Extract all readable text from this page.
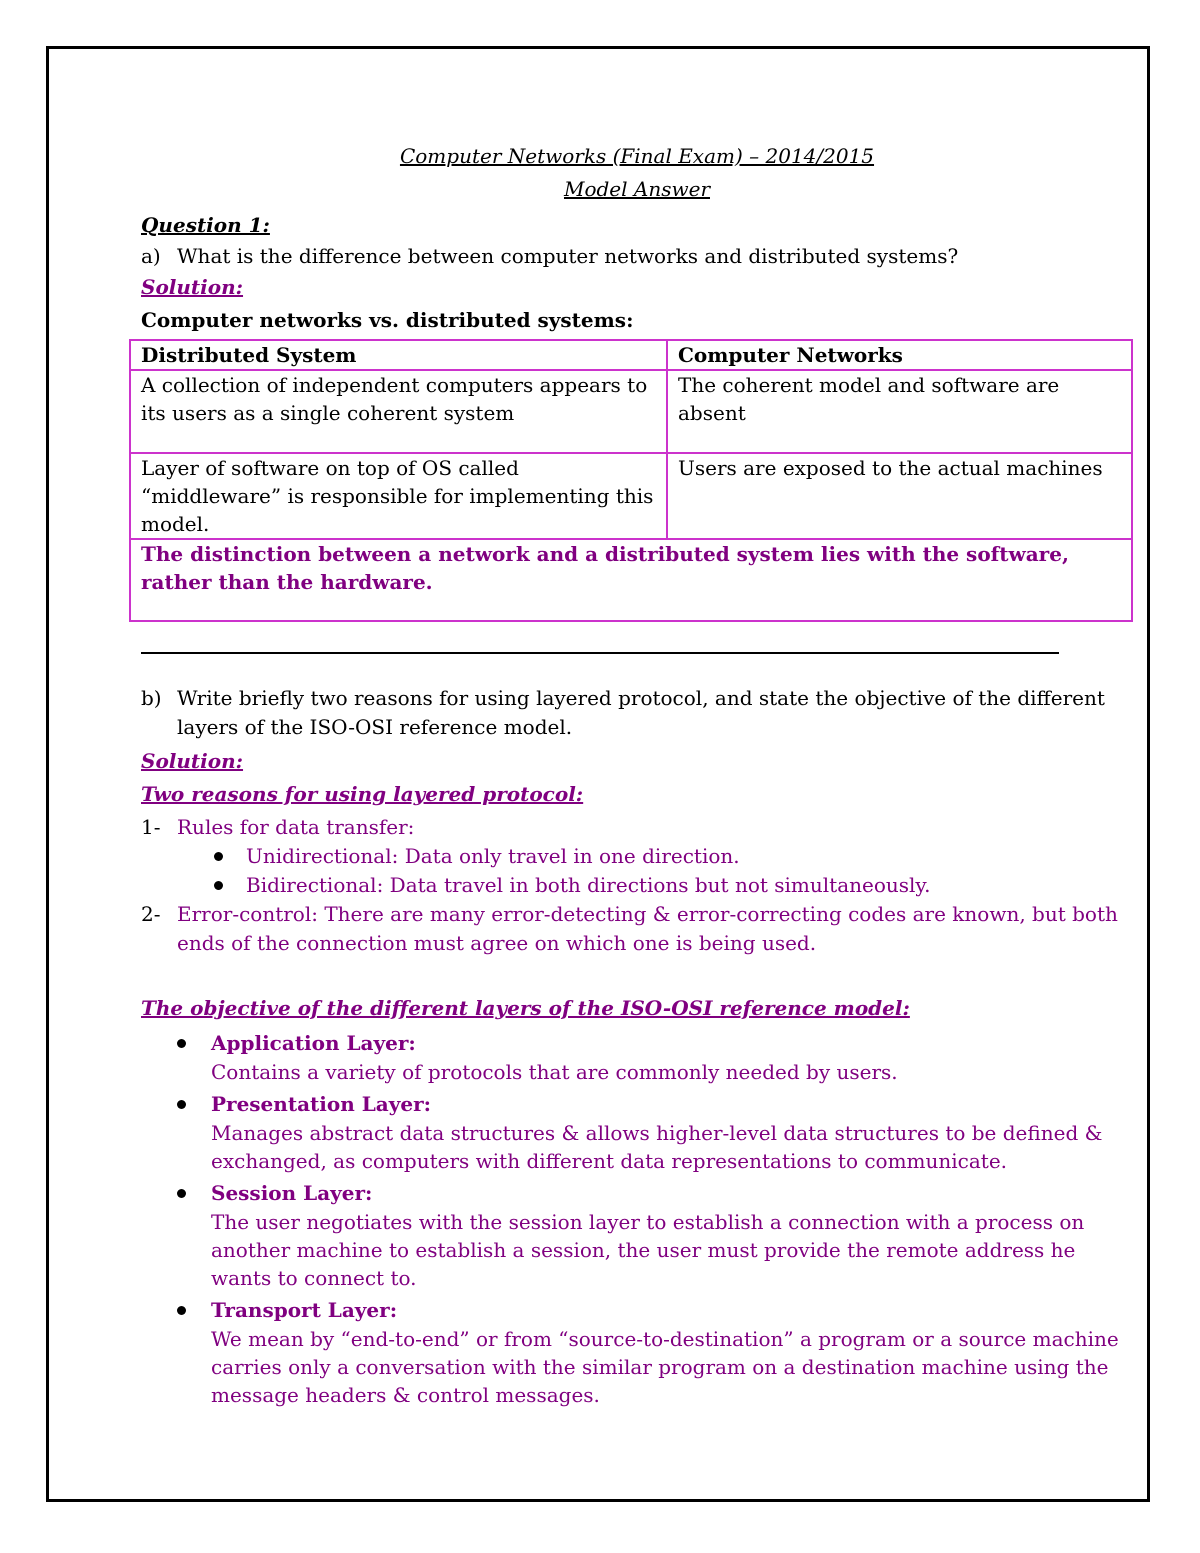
Computer Networks (Final Exam) – 2014/2015

Model Answer

Question 1:

a) What is the difference between computer networks and distributed systems?

Solution:

Computer networks vs. distributed systems:

Distributed System	Computer Networks
A collection of independent computers appears to its users as a single coherent system	The coherent model and software are absent
Layer of software on top of OS called “middleware” is responsible for implementing this model.	Users are exposed to the actual machines
The distinction between a network and a distributed system lies with the software, rather than the hardware.	
b) Write briefly two reasons for using layered protocol, and state the objective of the different layers of the ISO-OSI reference model.

Solution:

Two reasons for using layered protocol:

1- Rules for data transfer:
Unidirectional: Data only travel in one direction.
Bidirectional: Data travel in both directions but not simultaneously.
2- Error-control: There are many error-detecting & error-correcting codes are known, but both ends of the connection must agree on which one is being used.

The objective of the different layers of the ISO-OSI reference model:

Application Layer:

Contains a variety of protocols that are commonly needed by users.

Presentation Layer:

Manages abstract data structures & allows higher-level data structures to be defined & exchanged, as computers with different data representations to communicate.

Session Layer:

The user negotiates with the session layer to establish a connection with a process on another machine to establish a session, the user must provide the remote address he wants to connect to.

Transport Layer:

We mean by “end-to-end” or from “source-to-destination” a program or a source machine carries only a conversation with the similar program on a destination machine using the message headers & control messages.
